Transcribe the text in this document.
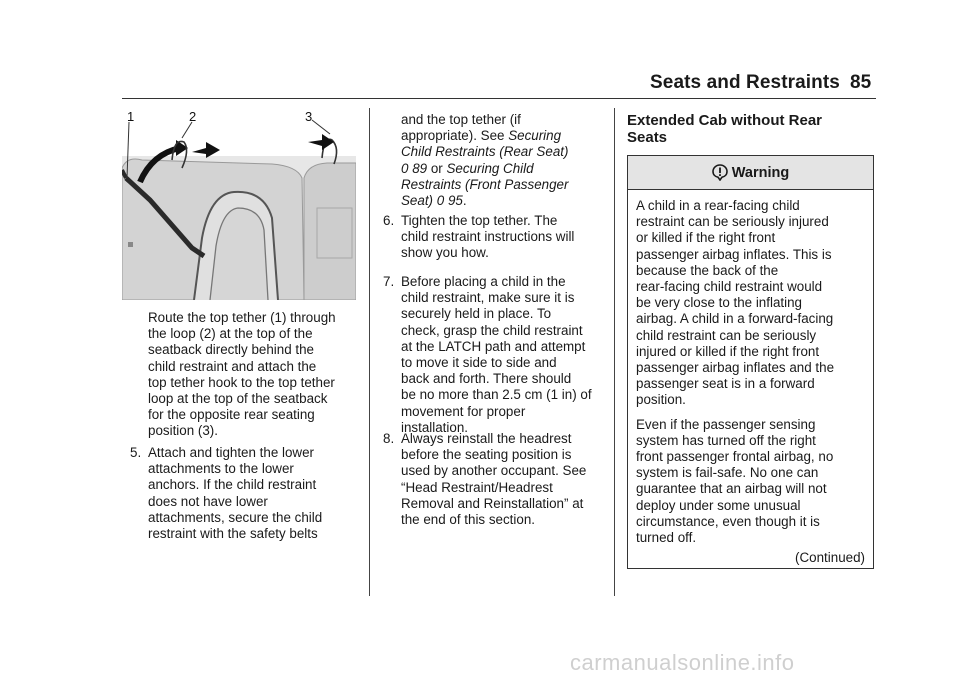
Seats and Restraints 85
1	2	3

Route the top tether (1) through

the loop (2) at the top of the

seatback directly behind the

child restraint and attach the

top tether hook to the top tether

loop at the top of the seatback

for the opposite rear seating

position (3).

5. Attach and tighten the lower

attachments to the lower

anchors. If the child restraint

does not have lower

attachments, secure the child

restraint with the safety belts

and the top tether (if

appropriate). See Securing

Child Restraints (Rear Seat)

0 89 or Securing Child

Restraints (Front Passenger

Seat) 0 95.

6. Tighten the top tether. The

child restraint instructions will

show you how.

7. Before placing a child in the

child restraint, make sure it is

securely held in place. To

check, grasp the child restraint

at the LATCH path and attempt

to move it side to side and

back and forth. There should

be no more than 2.5 cm (1 in) of

movement for proper

installation.

8. Always reinstall the headrest

before the seating position is

used by another occupant. See

“Head Restraint/Headrest

Removal and Reinstallation” at

the end of this section.

Extended Cab without Rear
Seats
Warning

A child in a rear-facing child
restraint can be seriously injured
or killed if the right front
passenger airbag inflates. This is
because the back of the
rear-facing child restraint would
be very close to the inflating
airbag. A child in a forward-facing
child restraint can be seriously
injured or killed if the right front
passenger airbag inflates and the
passenger seat is in a forward
position.

Even if the passenger sensing
system has turned off the right
front passenger frontal airbag, no
system is fail-safe. No one can
guarantee that an airbag will not
deploy under some unusual
circumstance, even though it is
turned off.

(Continued)
carmanualsonline.info
